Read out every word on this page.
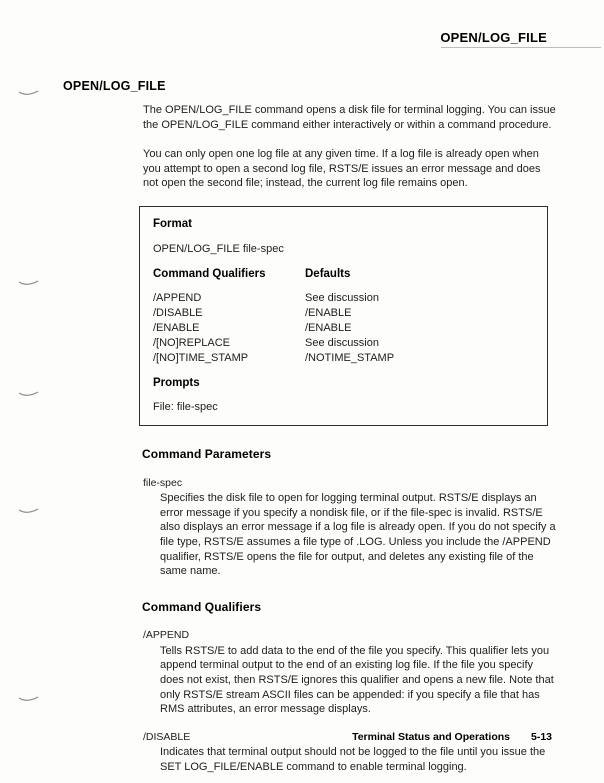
OPEN/LOG_FILE
OPEN/LOG_FILE

The OPEN/LOG_FILE command opens a disk file for terminal logging. You can issue the OPEN/LOG_FILE command either interactively or within a command procedure.

You can only open one log file at any given time. If a log file is already open when you attempt to open a second log file, RSTS/E issues an error message and does not open the second file; instead, the current log file remains open.

Format
OPEN/LOG_FILE file-spec
Command Qualifiers	Defaults
/APPEND	See discussion
/DISABLE	/ENABLE
/ENABLE	/ENABLE
/[NO]REPLACE	See discussion
/[NO]TIME_STAMP	/NOTIME_STAMP
Prompts
File: file-spec
Command Parameters
file-spec
Specifies the disk file to open for logging terminal output. RSTS/E displays an error message if you specify a nondisk file, or if the file-spec is invalid. RSTS/E also displays an error message if a log file is already open. If you do not specify a file type, RSTS/E assumes a file type of .LOG. Unless you include the /APPEND qualifier, RSTS/E opens the file for output, and deletes any existing file of the same name.
Command Qualifiers
/APPEND
Tells RSTS/E to add data to the end of the file you specify. This qualifier lets you append terminal output to the end of an existing log file. If the file you specify does not exist, then RSTS/E ignores this qualifier and opens a new file. Note that only RSTS/E stream ASCII files can be appended: if you specify a file that has RMS attributes, an error message displays.
/DISABLE
Indicates that terminal output should not be logged to the file until you issue the SET LOG_FILE/ENABLE command to enable terminal logging.
Terminal Status and Operations 5-13
